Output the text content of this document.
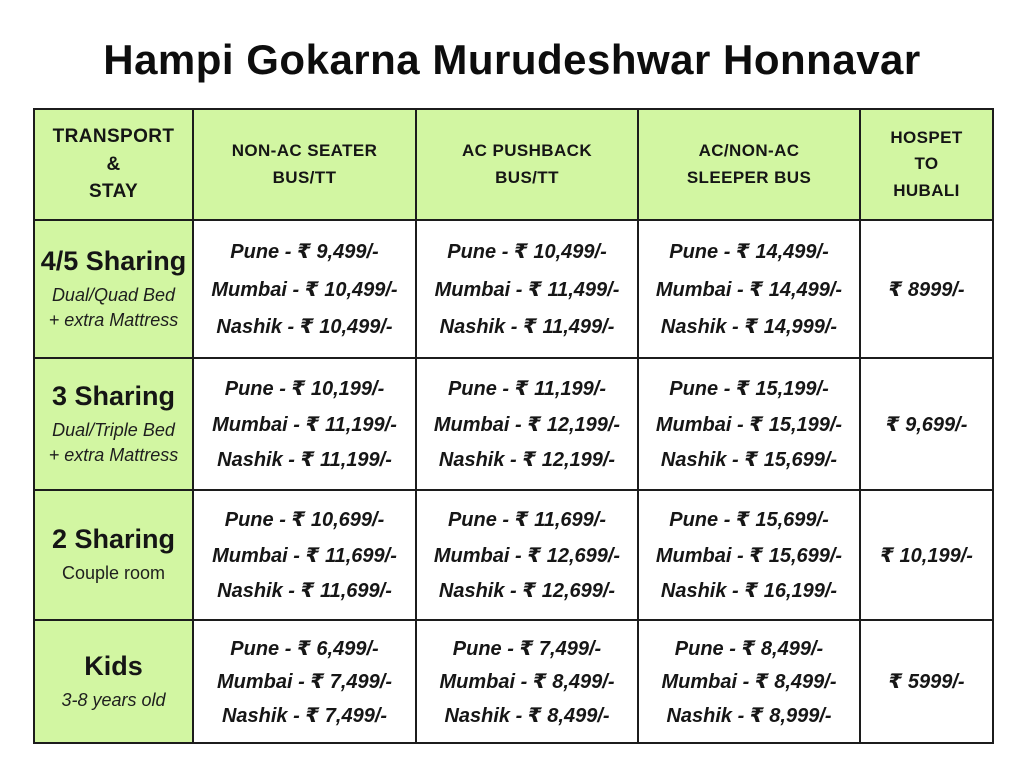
Hampi Gokarna Murudeshwar Honnavar
TRANSPORT
&
STAY
NON-AC SEATER
BUS/TT
AC PUSHBACK
BUS/TT
AC/NON-AC
SLEEPER BUS
HOSPET
TO
HUBALI
4/5 Sharing
Dual/Quad Bed
+ extra Mattress
Pune - ₹ 9,499/-
Mumbai - ₹ 10,499/-
Nashik - ₹ 10,499/-
Pune - ₹ 10,499/-
Mumbai - ₹ 11,499/-
Nashik - ₹ 11,499/-
Pune - ₹ 14,499/-
Mumbai - ₹ 14,499/-
Nashik - ₹ 14,999/-
₹ 8999/-
3 Sharing
Dual/Triple Bed
+ extra Mattress
Pune - ₹ 10,199/-
Mumbai - ₹ 11,199/-
Nashik - ₹ 11,199/-
Pune - ₹ 11,199/-
Mumbai - ₹ 12,199/-
Nashik - ₹ 12,199/-
Pune - ₹ 15,199/-
Mumbai - ₹ 15,199/-
Nashik - ₹ 15,699/-
₹ 9,699/-
2 Sharing
Couple room
Pune - ₹ 10,699/-
Mumbai - ₹ 11,699/-
Nashik - ₹ 11,699/-
Pune - ₹ 11,699/-
Mumbai - ₹ 12,699/-
Nashik - ₹ 12,699/-
Pune - ₹ 15,699/-
Mumbai - ₹ 15,699/-
Nashik - ₹ 16,199/-
₹ 10,199/-
Kids
3-8 years old
Pune - ₹ 6,499/-
Mumbai - ₹ 7,499/-
Nashik - ₹ 7,499/-
Pune - ₹ 7,499/-
Mumbai - ₹ 8,499/-
Nashik - ₹ 8,499/-
Pune - ₹ 8,499/-
Mumbai - ₹ 8,499/-
Nashik - ₹ 8,999/-
₹ 5999/-
